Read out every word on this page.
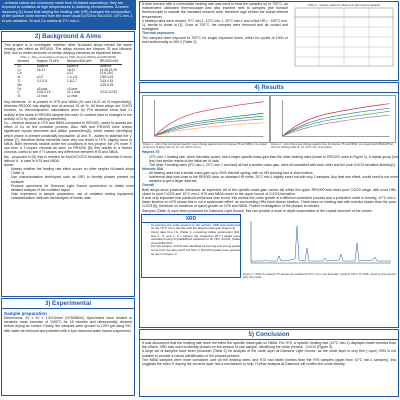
...exhaust valves are commonly made from Ni-based superalloys; they are exposed to oxidation at high temperatures in oxidising environments. A recent discovery [1] found that varying the heating rate (HR) changed the composition of the surface oxide formed from the more usual Cr2O3 to NiCr2O4. 10°C min-1 in pre-oxidation. Ni and Co oxides at 2°C min-1.
2) Background & Aims
This project is to investigate whether other Ni-based alloys exhibit the same heating rate effect as RR1000. The alloys chosen are Haynes 75 and Nimonic 80A, due to varied amounts of certain alloying elements as explained below.
Table 1 - Alloy compositions of Haynes 75[2], Nimonic 80A[3], and RR1000[4]
element	Haynes 75 wt%	Nimonic 80A wt%	RR1000 wt%
Ni	Balance	Balance	Balance
Cr	18-21	18-21	14.35-15.15
Co		≤2.0	14.6-15.0
Al	≤0.2	1.0-1.8	2.85-3.15
Ti	0.2-0.6	1.8-2.7	3.45-4.15
Mo			4.25-5.25
Fe	≤5 max	≤3 max	
C	0.08-0.15	≤0.1 max	0.012-0.033
Si	≤1 max	≤1 max	
Key elements: Cr is present in H75 and N80A (20 and 18-21 wt % respectively), whereas RR1000 has slightly less at around 15 wt %. All three alloys are Cr2O3 formers, so thermodynamic calculations done by FHI students show that Cr activity is the same in RR1000 despite the lower Cr content (due to changes in the activity of Cr by other alloying elements).
Co - minimal amount in H75 and N80A compared to RR1000, useful to assess the effect of Co on the oxidation process. Also, N80 and RR1000 have shown significant crystal structures and lattice parameters[5], which makes identifying which phase is present practically impossible. Al and Ti - added to stabilise the γ' phase [7], therefore these elements have very low levels in H75, slightly more in N80A. Both elements oxidise under the conditions in this project; the 2% more Ti can form a Ti-doped chromia as seen on RR1000 [8]; this results in a thicker chromia, useful to see if Ti causes any difference between H75 and N80A.
Mo - proposed in [9], that is needed for MoO2/Cr2O3 formation, otherwise it forms without it - a case in H75 and N80A.
Aims:
- Assess whether the heating rate effect occurs on other simpler Ni-based alloys (Table 1)
- Use characterisation techniques such as XRD to identify phases present on surfaces
- Produce specimens for Diamond Light Source synchrotron to obtain more detailed analysis of the oxidation layers
- Gain experience in sample preparation, use of oxidation testing equipment, characterisation methods and analysis of kinetic data
3) Experimental
Sample preparation
Dimensions: 20 x 10 x 1.5/3.6mm³ (H75/N80A). Specimens were heated to measure mass increase of 1050°C for 15 minutes and ultrasonically cleaned before drying air cooled. Finally, the samples were ground to 1200 grit using SiC, with water as lubricant and polished with a 1µm diamond water based suspension.
A tube furnace with a controllable heating rate was used to heat the samples up to 700°C; an independent calibrated thermocouple was also inserted next to samples (the furnace thermocouple is outside the insulated ceramic tube, therefore lags behind the actual internal temperature).
4 heating rates were chosen, 5°C min-1, 10°C min-1, 20°C min-1 and a fast HR (~ 100°C min-1), similar to those in [1]. Once at 700°C, the samples were removed and air cooled and reweighed.
Thermal exposures:
The samples were exposed to 700°C for longer exposure times, either for cycles of 100h or held isothermally to 400 h (Table 2).
Table 2 - sample matrix for Diamond Light Source analysis
4) Results
Figure 1 - plot of the normalised specific mass change against time for Haynes 75 and N80A, pre-coated at the four heating rates (5, 10, 20, 100°C min-1)
Figure 2 - plot of the mass change against time for Haynes 75 and N80A, pre-coated and N80A/H75 at the four heating rates (5, 10, 20°C min-1) as before.
Haynes 75
- 10°C min-1 heating rate, when thermally cycled, has a larger specific mass gain than the other heating rates (closer to RR1000, seen in Figure 1). A repeat group (red line) had similar results to the initial set of data.
- The other 3 heating rates (5°C min-1, 20°C min-1 and fast) all had a smaller mass gain, were all consistent with each other and the pure Cr2O3 formation kinetics[1].
Nimonic 80A
- All heating rates had a similar mass gain up to 200h thermal cycling, with no HR showing fast or slow kinetics.
- Isothermal data was close to the RR1000 data, so standard HR either, 20°C min-1 slightly lower but with only 2 samples. Any heat rate effect, would need to run more samples to get a larger data set.
Overall
Both alloys show parabolic behaviour as expected. All of the specific mass gain values fall within the upper RR1000 and lower pure Cr2O3 range, with most HRs closer to pure Cr2O3 and 10°C min-1 H75 and N80A closer to the upper bound of Cr2O3 formation.
It was very important that parabolic behaviour was found, this means the oxide growth is a diffusion controlled process and a protective oxide is forming. 10°C min-1 faster kinetics on H75 shows this is not a systematic effect, as surrounding HRs have slower kinetics. There were no heating rate with kinetics slower than the pure Cr2O3 [6], therefore no evidence of spinel growth on H75 and N80A. Further investigation of the phases is needed.
Samples (Table 2) have been produced for Diamond Light Source, this can provide a more in depth examination of the crystal structure of the oxides.
XRD
- To examine the oxide present on the surface, XRD was performed on the 10°C min-1 sample with the largest mass gain (Figure 3)
- Using data from [1], (Table 2, containing lattice parameters [10], and d-, θ, and h, k, l values) the respective 2θ [°] peaks were calculated using CrystalDiffract software for Ni, NiO, Cr2O3, (Table 3) and NiCr2O4.
- For this sample, Cr2O3 was identified as forming and strong peaks come from the alloy itself. No NiO or NiCr2O4 peaks were present as seen in Figure 3.
Figure 3 - XRD of a Haynes 75 sample pre-oxidised at 10°C min-1 and thermally cycled at 700°C for 400h, showing chromia and alloy (Ni) peaks
5) Conclusion
It was discovered that the heating rate does not effect the specific mass gain on N80A. For H75, a specific heating rate (10°C min-1) displayed faster kinetics than the others. XRD was used to identify phases on the surface of one sample, identifying the oxide present - Cr2O3 (Figure 3).
A large set of samples have been produced (Table 2) for analysis of the oxide layer at Diamond Light Source, as the oxide layer is very thin (<1µm) XRD is not suitable to provide a robust identification of the phases present.
The N80A samples were more consistent over all the heating rates, and H75 had faster kinetics than the H75 samples (apart from 10°C min-1 samples), this suggests the extra Ti doping the chromia layer has a mechanism to help. Further analysis at Diamond will confirm the oxide identity.
